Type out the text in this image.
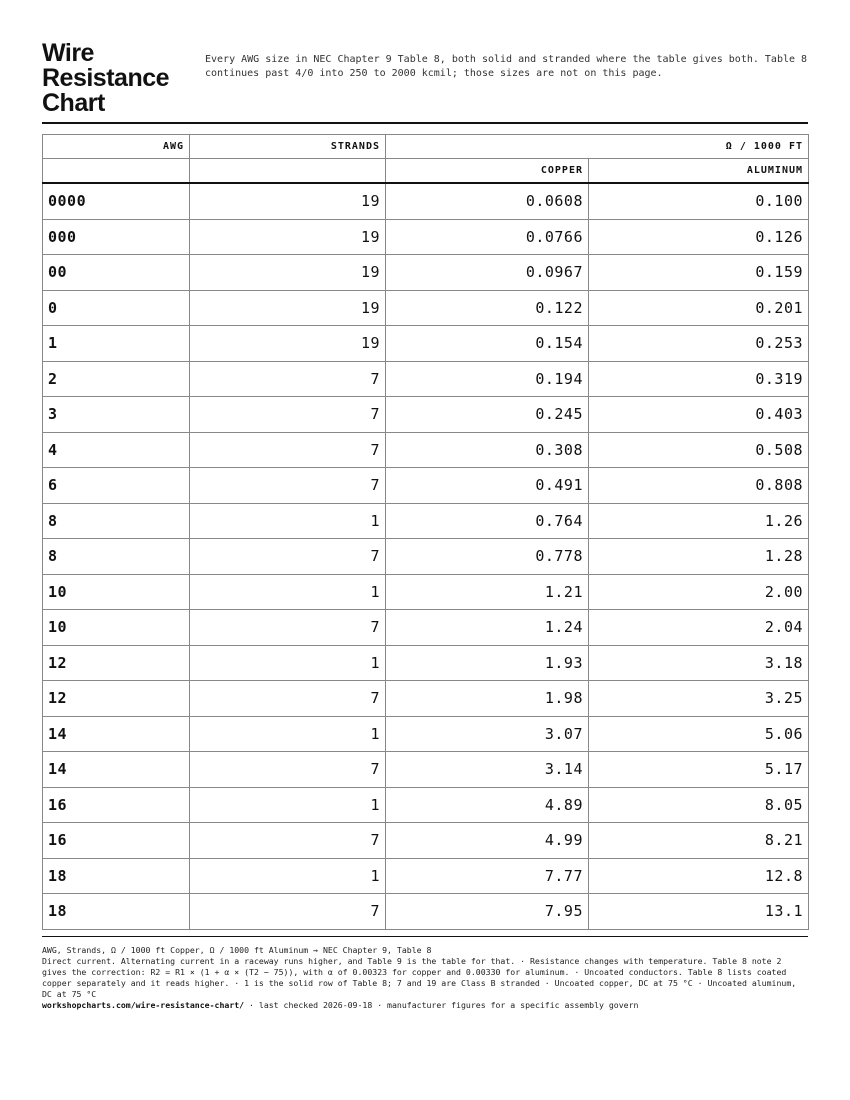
Wire
Resistance
Chart
Every AWG size in NEC Chapter 9 Table 8, both solid and stranded where the table gives both. Table 8 continues past 4/0 into 250 to 2000 kcmil; those sizes are not on this page.
AWG	STRANDS	Ω / 1000 FT	
		COPPER	ALUMINUM
0000	19	0.0608	0.100
000	19	0.0766	0.126
00	19	0.0967	0.159
0	19	0.122	0.201
1	19	0.154	0.253
2	7	0.194	0.319
3	7	0.245	0.403
4	7	0.308	0.508
6	7	0.491	0.808
8	1	0.764	1.26
8	7	0.778	1.28
10	1	1.21	2.00
10	7	1.24	2.04
12	1	1.93	3.18
12	7	1.98	3.25
14	1	3.07	5.06
14	7	3.14	5.17
16	1	4.89	8.05
16	7	4.99	8.21
18	1	7.77	12.8
18	7	7.95	13.1
AWG, Strands, Ω / 1000 ft Copper, Ω / 1000 ft Aluminum → NEC Chapter 9, Table 8
Direct current. Alternating current in a raceway runs higher, and Table 9 is the table for that. · Resistance changes with temperature. Table 8 note 2 gives the correction: R2 = R1 × (1 + α × (T2 − 75)), with α of 0.00323 for copper and 0.00330 for aluminum. · Uncoated conductors. Table 8 lists coated copper separately and it reads higher. · 1 is the solid row of Table 8; 7 and 19 are Class B stranded · Uncoated copper, DC at 75 °C · Uncoated aluminum, DC at 75 °C
workshopcharts.com/wire-resistance-chart/ · last checked 2026-09-18 · manufacturer figures for a specific assembly govern
